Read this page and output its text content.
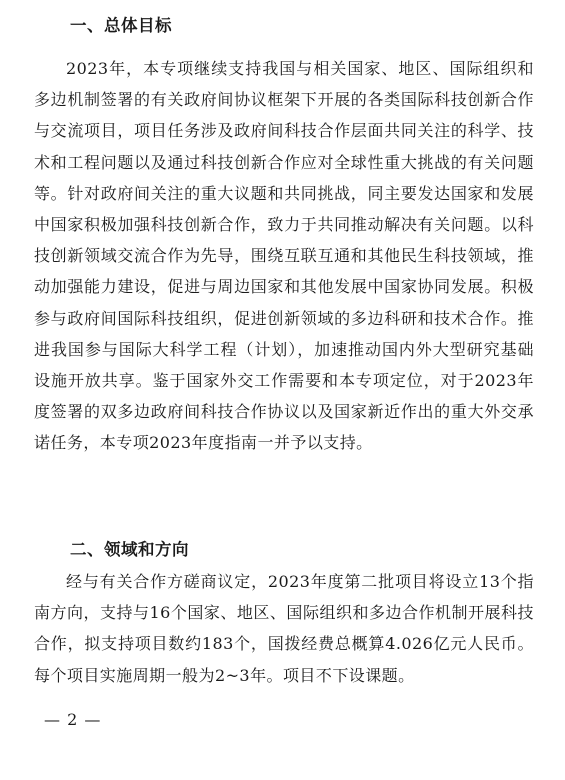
一、总体目标

2023年，本专项继续支持我国与相关国家、地区、国际组织和多边机制签署的有关政府间协议框架下开展的各类国际科技创新合作与交流项目，项目任务涉及政府间科技合作层面共同关注的科学、技术和工程问题以及通过科技创新合作应对全球性重大挑战的有关问题等。针对政府间关注的重大议题和共同挑战，同主要发达国家和发展中国家积极加强科技创新合作，致力于共同推动解决有关问题。以科技创新领域交流合作为先导，围绕互联互通和其他民生科技领域，推动加强能力建设，促进与周边国家和其他发展中国家协同发展。积极参与政府间国际科技组织，促进创新领域的多边科研和技术合作。推进我国参与国际大科学工程（计划），加速推动国内外大型研究基础设施开放共享。鉴于国家外交工作需要和本专项定位，对于2023年度签署的双多边政府间科技合作协议以及国家新近作出的重大外交承诺任务，本专项2023年度指南一并予以支持。

二、领域和方向

经与有关合作方磋商议定，2023年度第二批项目将设立13个指南方向，支持与16个国家、地区、国际组织和多边合作机制开展科技合作，拟支持项目数约183个，国拨经费总概算4.026亿元人民币。每个项目实施周期一般为2~3年。项目不下设课题。

— 2 —
